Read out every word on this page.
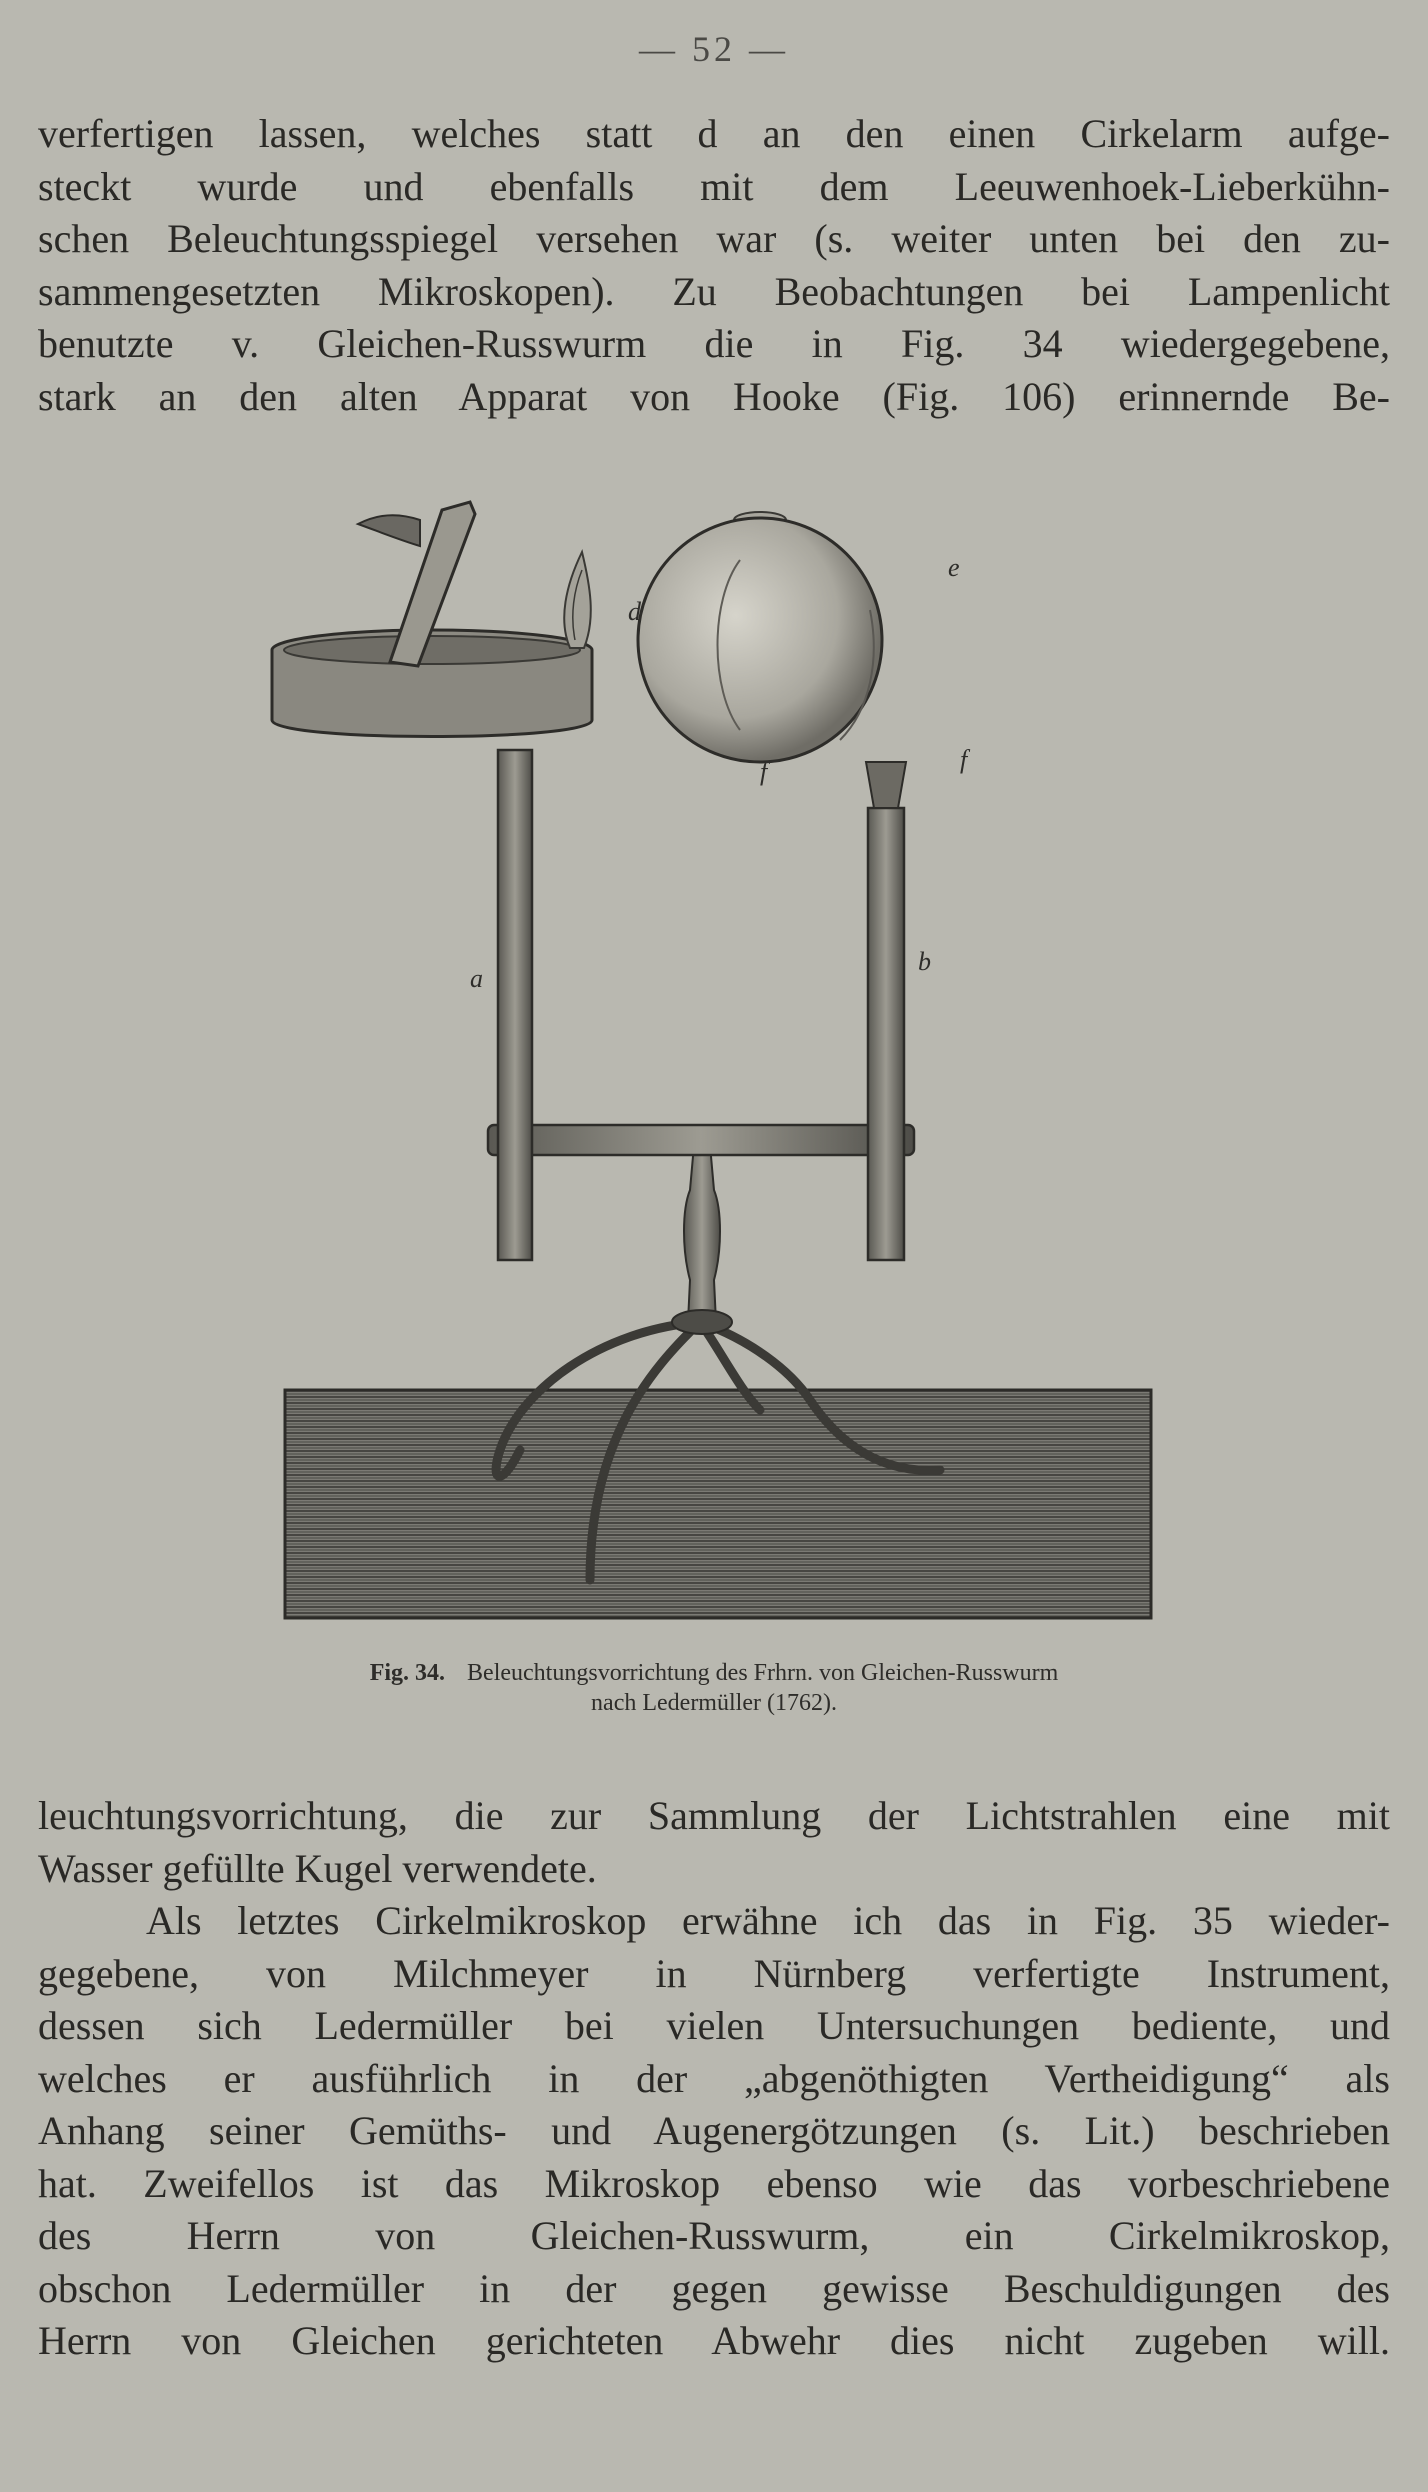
— 52 —
verfertigen lassen, welches statt d an den einen Cirkelarm aufge-
steckt wurde und ebenfalls mit dem Leeuwenhoek-Lieberkühn-
schen Beleuchtungsspiegel versehen war (s. weiter unten bei den zu-
sammengesetzten Mikroskopen). Zu Beobachtungen bei Lampenlicht
benutzte v. Gleichen-Russwurm die in Fig. 34 wiedergegebene,
stark an den alten Apparat von Hooke (Fig. 106) erinnernde Be-
d
e
f	f
a
b
Fig. 34. Beleuchtungsvorrichtung des Frhrn. von Gleichen-Russwurm
nach Ledermüller (1762).
leuchtungsvorrichtung, die zur Sammlung der Lichtstrahlen eine mit
Wasser gefüllte Kugel verwendete.
Als letztes Cirkelmikroskop erwähne ich das in Fig. 35 wieder-
gegebene, von Milchmeyer in Nürnberg verfertigte Instrument,
dessen sich Ledermüller bei vielen Untersuchungen bediente, und
welches er ausführlich in der „abgenöthigten Vertheidigung“ als
Anhang seiner Gemüths- und Augenergötzungen (s. Lit.) beschrieben
hat. Zweifellos ist das Mikroskop ebenso wie das vorbeschriebene
des Herrn von Gleichen-Russwurm, ein Cirkelmikroskop,
obschon Ledermüller in der gegen gewisse Beschuldigungen des
Herrn von Gleichen gerichteten Abwehr dies nicht zugeben will.
